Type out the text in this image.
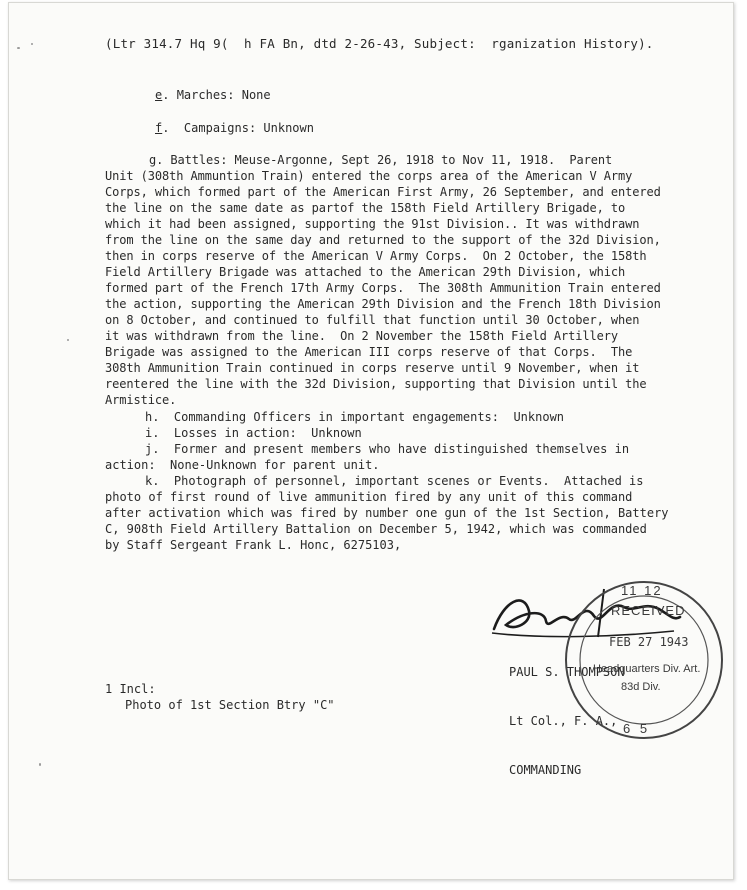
(Ltr 314.7 Hq 9(  h FA Bn, dtd 2-26-43, Subject:  rganization History).
e. Marches: None
f.  Campaigns: Unknown
g. Battles: Meuse-Argonne, Sept 26, 1918 to Nov 11, 1918.  Parent
Unit (308th Ammuntion Train) entered the corps area of the American V Army
Corps, which formed part of the American First Army, 26 September, and entered
the line on the same date as partof the 158th Field Artillery Brigade, to
which it had been assigned, supporting the 91st Division.. It was withdrawn
from the line on the same day and returned to the support of the 32d Division,
then in corps reserve of the American V Army Corps.  On 2 October, the 158th
Field Artillery Brigade was attached to the American 29th Division, which
formed part of the French 17th Army Corps.  The 308th Ammunition Train entered
the action, supporting the American 29th Division and the French 18th Division
on 8 October, and continued to fulfill that function until 30 October, when
it was withdrawn from the line.  On 2 November the 158th Field Artillery
Brigade was assigned to the American III corps reserve of that Corps.  The
308th Ammunition Train continued in corps reserve until 9 November, when it
reentered the line with the 32d Division, supporting that Division until the
Armistice.
h.  Commanding Officers in important engagements:  Unknown
i.  Losses in action:  Unknown
j.  Former and present members who have distinguished themselves in
action:  None-Unknown for parent unit.
k.  Photograph of personnel, important scenes or Events.  Attached is
photo of first round of live ammunition fired by any unit of this command
after activation which was fired by number one gun of the 1st Section, Battery
C, 908th Field Artillery Battalion on December 5, 1942, which was commanded
by Staff Sergeant Frank L. Honc, 6275103,

PAUL S. THOMPSON

Lt Col., F. A.,

COMMANDING

11 12
RECEIVED
FEB 27 1943
Headquarters Div. Art.
83d Div.
6 5
1 Incl:
Photo of 1st Section Btry "C"
